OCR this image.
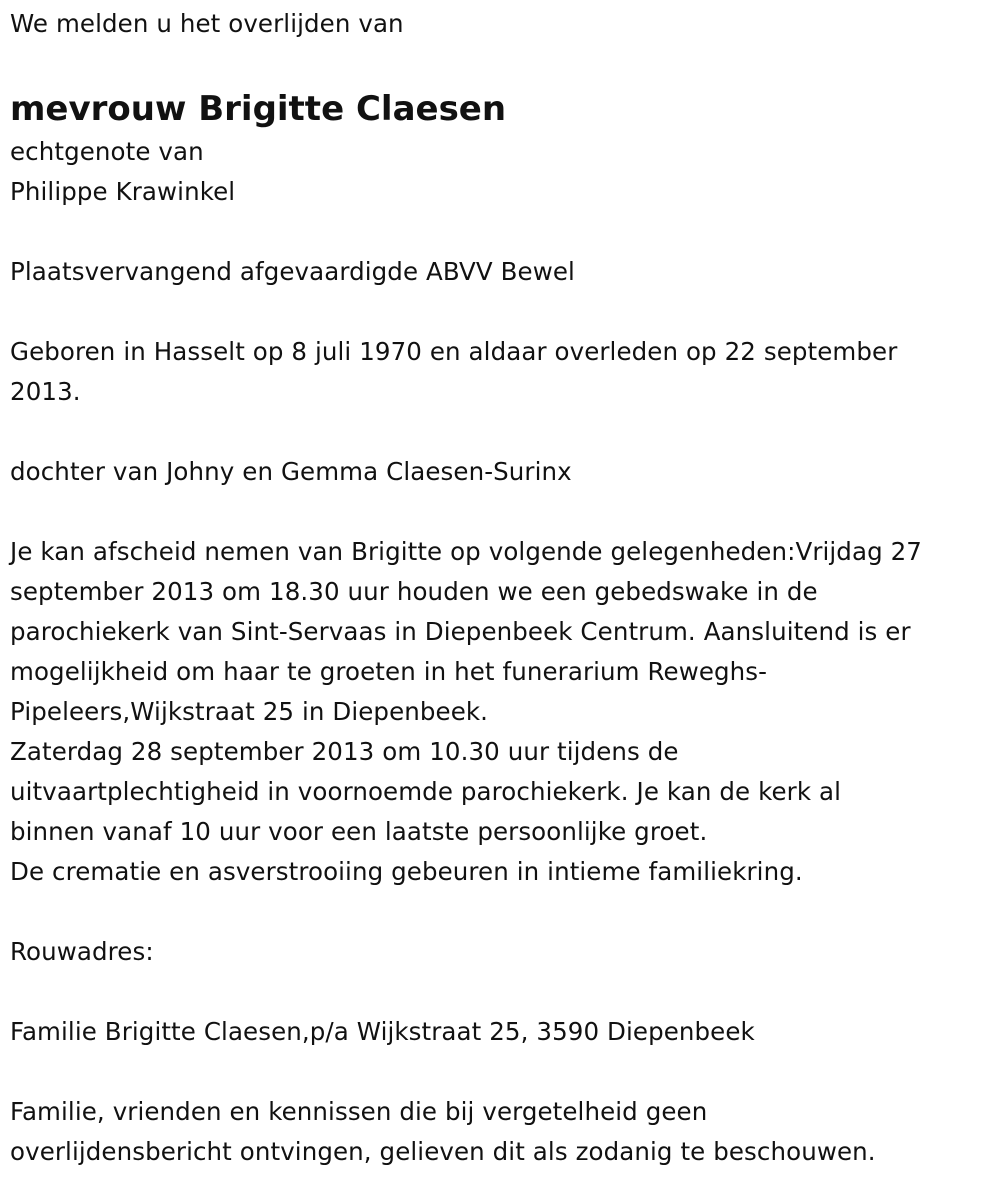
We melden u het overlijden van
mevrouw Brigitte Claesen
echtgenote van
Philippe Krawinkel
Plaatsvervangend afgevaardigde ABVV Bewel
Geboren in Hasselt op 8 juli 1970 en aldaar overleden op 22 september
2013.
dochter van Johny en Gemma Claesen-Surinx
Je kan afscheid nemen van Brigitte op volgende gelegenheden:Vrijdag 27
september 2013 om 18.30 uur houden we een gebedswake in de
parochiekerk van Sint-Servaas in Diepenbeek Centrum. Aansluitend is er
mogelijkheid om haar te groeten in het funerarium Reweghs-
Pipeleers,Wijkstraat 25 in Diepenbeek.
Zaterdag 28 september 2013 om 10.30 uur tijdens de
uitvaartplechtigheid in voornoemde parochiekerk. Je kan de kerk al
binnen vanaf 10 uur voor een laatste persoonlijke groet.
De crematie en asverstrooiing gebeuren in intieme familiekring.
Rouwadres:
Familie Brigitte Claesen,p/a Wijkstraat 25, 3590 Diepenbeek
Familie, vrienden en kennissen die bij vergetelheid geen
overlijdensbericht ontvingen, gelieven dit als zodanig te beschouwen.
